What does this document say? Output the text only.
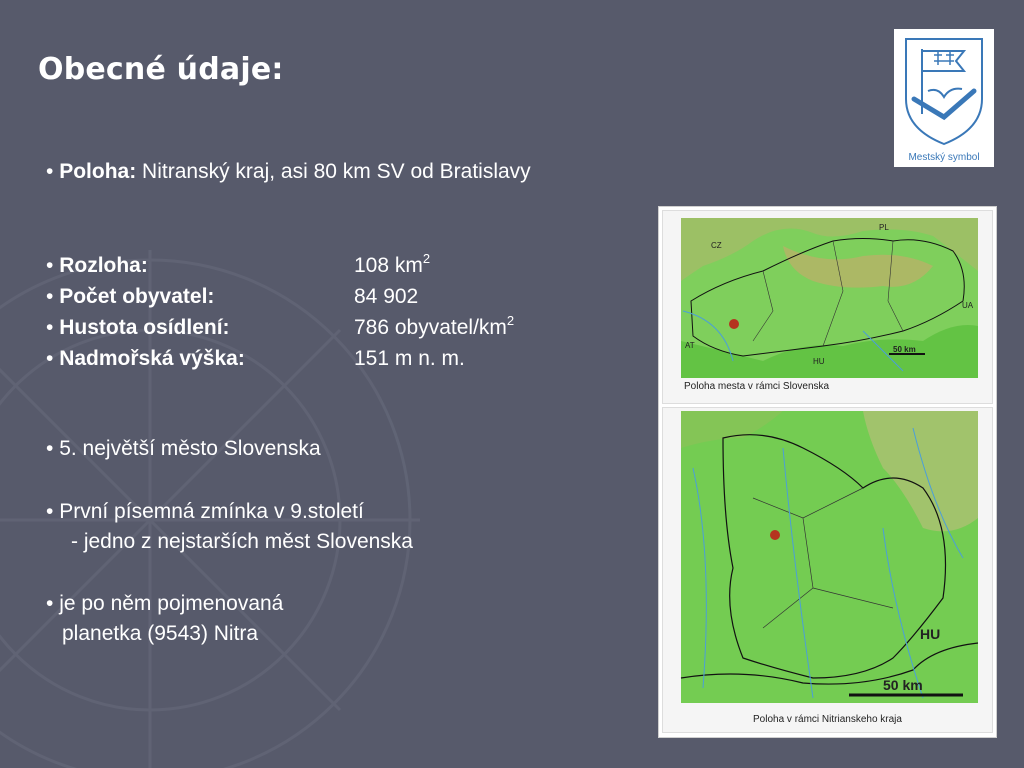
Obecné údaje:
• Poloha: Nitranský kraj, asi 80 km SV od Bratislavy
• Rozloha:	108 $km^2$
• Počet obyvatel:	84 902
• Hustota osídlení:	786 obyvatel/$km^2$
• Nadmořská výška:	151 m n. m.
• 5. největší město Slovenska
• První písemná zmínka v 9.století
- jedno z nejstarších měst Slovenska
• je po něm pojmenovaná
planetka (9543) Nitra
Mestský symbol
Poloha mesta v rámci Slovenska
CZ
PL
UA
AT
HU
50 km
HU
50 km
Poloha v rámci Nitrianskeho kraja
